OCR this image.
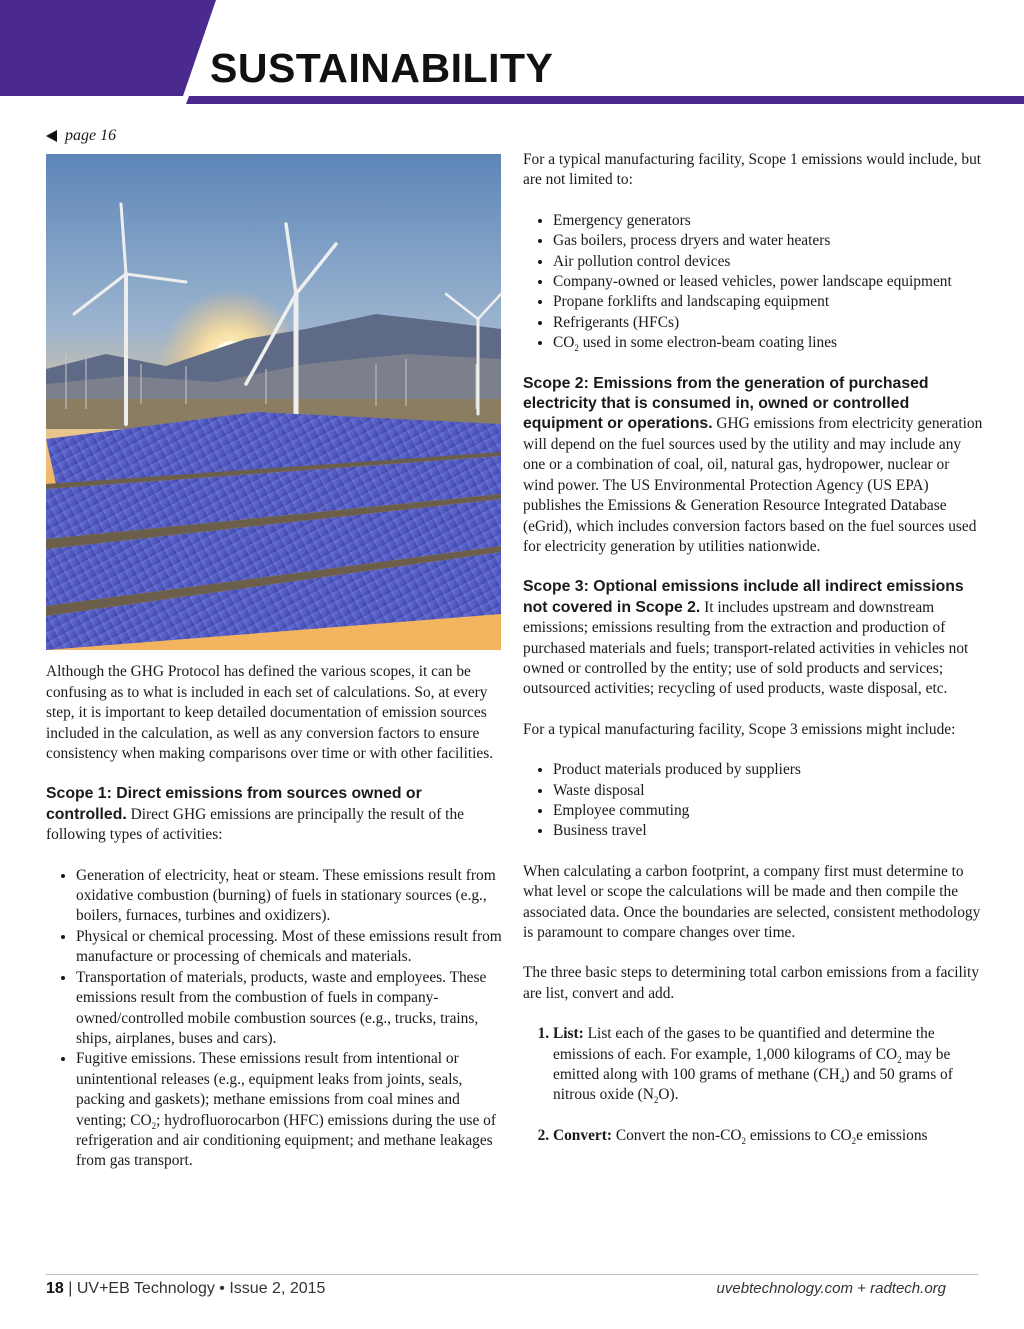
SUSTAINABILITY
page 16

Although the GHG Protocol has defined the various scopes, it can be confusing as to what is included in each set of calculations. So, at every step, it is important to keep detailed documentation of emission sources included in the calculation, as well as any conversion factors to ensure consistency when making comparisons over time or with other facilities.

Scope 1: Direct emissions from sources owned or controlled. Direct GHG emissions are principally the result of the following types of activities:

• Generation of electricity, heat or steam. These emissions result from oxidative combustion (burning) of fuels in stationary sources (e.g., boilers, furnaces, turbines and oxidizers).
• Physical or chemical processing. Most of these emissions result from manufacture or processing of chemicals and materials.
• Transportation of materials, products, waste and employees. These emissions result from the combustion of fuels in company-owned/controlled mobile combustion sources (e.g., trucks, trains, ships, airplanes, buses and cars).
• Fugitive emissions. These emissions result from intentional or unintentional releases (e.g., equipment leaks from joints, seals, packing and gaskets); methane emissions from coal mines and venting; $CO_2$; hydrofluorocarbon (HFC) emissions during the use of refrigeration and air conditioning equipment; and methane leakages from gas transport.

For a typical manufacturing facility, Scope 1 emissions would include, but are not limited to:

• Emergency generators
• Gas boilers, process dryers and water heaters
• Air pollution control devices
• Company-owned or leased vehicles, power landscape equipment
• Propane forklifts and landscaping equipment
• Refrigerants (HFCs)
• $CO_2$ used in some electron-beam coating lines

Scope 2: Emissions from the generation of purchased electricity that is consumed in, owned or controlled equipment or operations. GHG emissions from electricity generation will depend on the fuel sources used by the utility and may include any one or a combination of coal, oil, natural gas, hydropower, nuclear or wind power. The US Environmental Protection Agency (US EPA) publishes the Emissions & Generation Resource Integrated Database (eGrid), which includes conversion factors based on the fuel sources used for electricity generation by utilities nationwide.

Scope 3: Optional emissions include all indirect emissions not covered in Scope 2. It includes upstream and downstream emissions; emissions resulting from the extraction and production of purchased materials and fuels; transport-related activities in vehicles not owned or controlled by the entity; use of sold products and services; outsourced activities; recycling of used products, waste disposal, etc.

For a typical manufacturing facility, Scope 3 emissions might include:

• Product materials produced by suppliers
• Waste disposal
• Employee commuting
• Business travel

When calculating a carbon footprint, a company first must determine to what level or scope the calculations will be made and then compile the associated data. Once the boundaries are selected, consistent methodology is paramount to compare changes over time.

The three basic steps to determining total carbon emissions from a facility are list, convert and add.

1. List: List each of the gases to be quantified and determine the emissions of each. For example, 1,000 kilograms of $CO_2$ may be emitted along with 100 grams of methane $(CH_4)$ and 50 grams of nitrous oxide $(N_2O)$.
2. Convert: Convert the non-$CO_2$ emissions to $CO_2e$ emissions
18 | UV+EB Technology • Issue 2, 2015	uvebtechnology.com + radtech.org
